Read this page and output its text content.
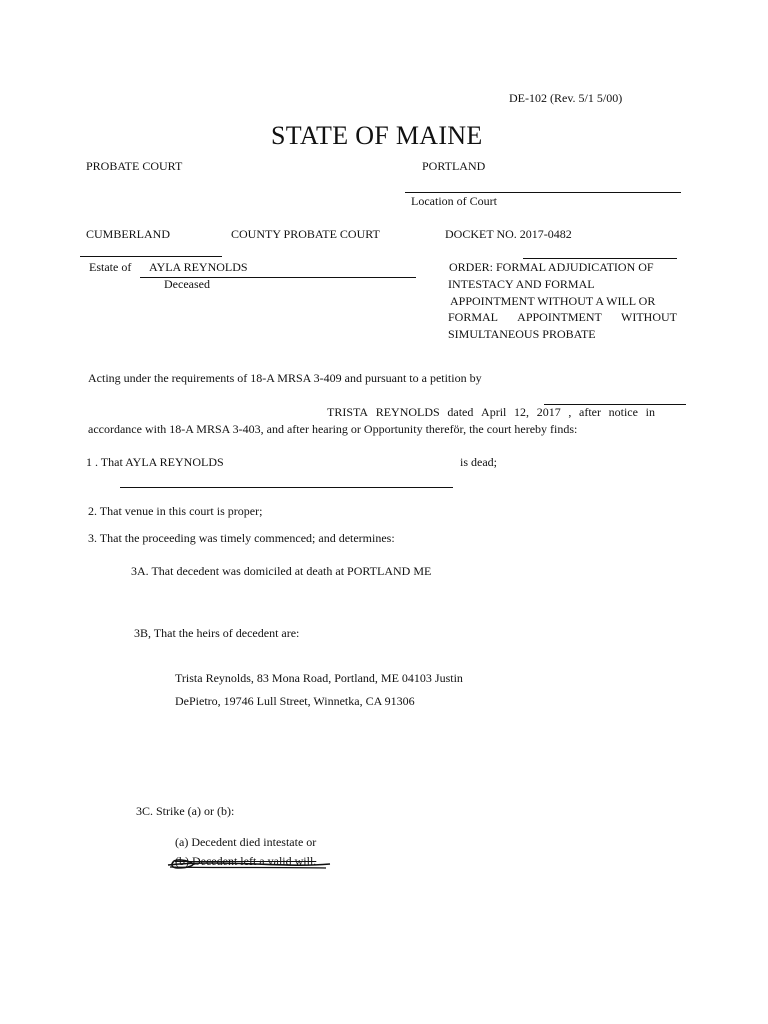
DE-102 (Rev. 5/1 5/00)
STATE OF MAINE
PROBATE COURT	PORTLAND
Location of Court
CUMBERLAND	COUNTY PROBATE COURT	DOCKET NO. 2017-0482
Estate of AYLA REYNOLDS
Deceased
ORDER: FORMAL ADJUDICATION OF
INTESTACY AND FORMAL
APPOINTMENT WITHOUT A WILL OR
FORMAL APPOINTMENT WITHOUT
SIMULTANEOUS PROBATE
Acting under the requirements of 18-A MRSA 3-409 and pursuant to a petition by
TRISTA REYNOLDS dated April 12, 2017 , after notice in
accordance with 18-A MRSA 3-403, and after hearing or Opportunity thereför, the court hereby finds:
1 . That AYLA REYNOLDS	is dead;
2. That venue in this court is proper;
3. That the proceeding was timely commenced; and determines:
3A. That decedent was domiciled at death at PORTLAND ME
3B, That the heirs of decedent are:
Trista Reynolds, 83 Mona Road, Portland, ME 04103 Justin
DePietro, 19746 Lull Street, Winnetka, CA 91306
3C. Strike (a) or (b):
(a) Decedent died intestate or
(b) Decedent left a valid will.
